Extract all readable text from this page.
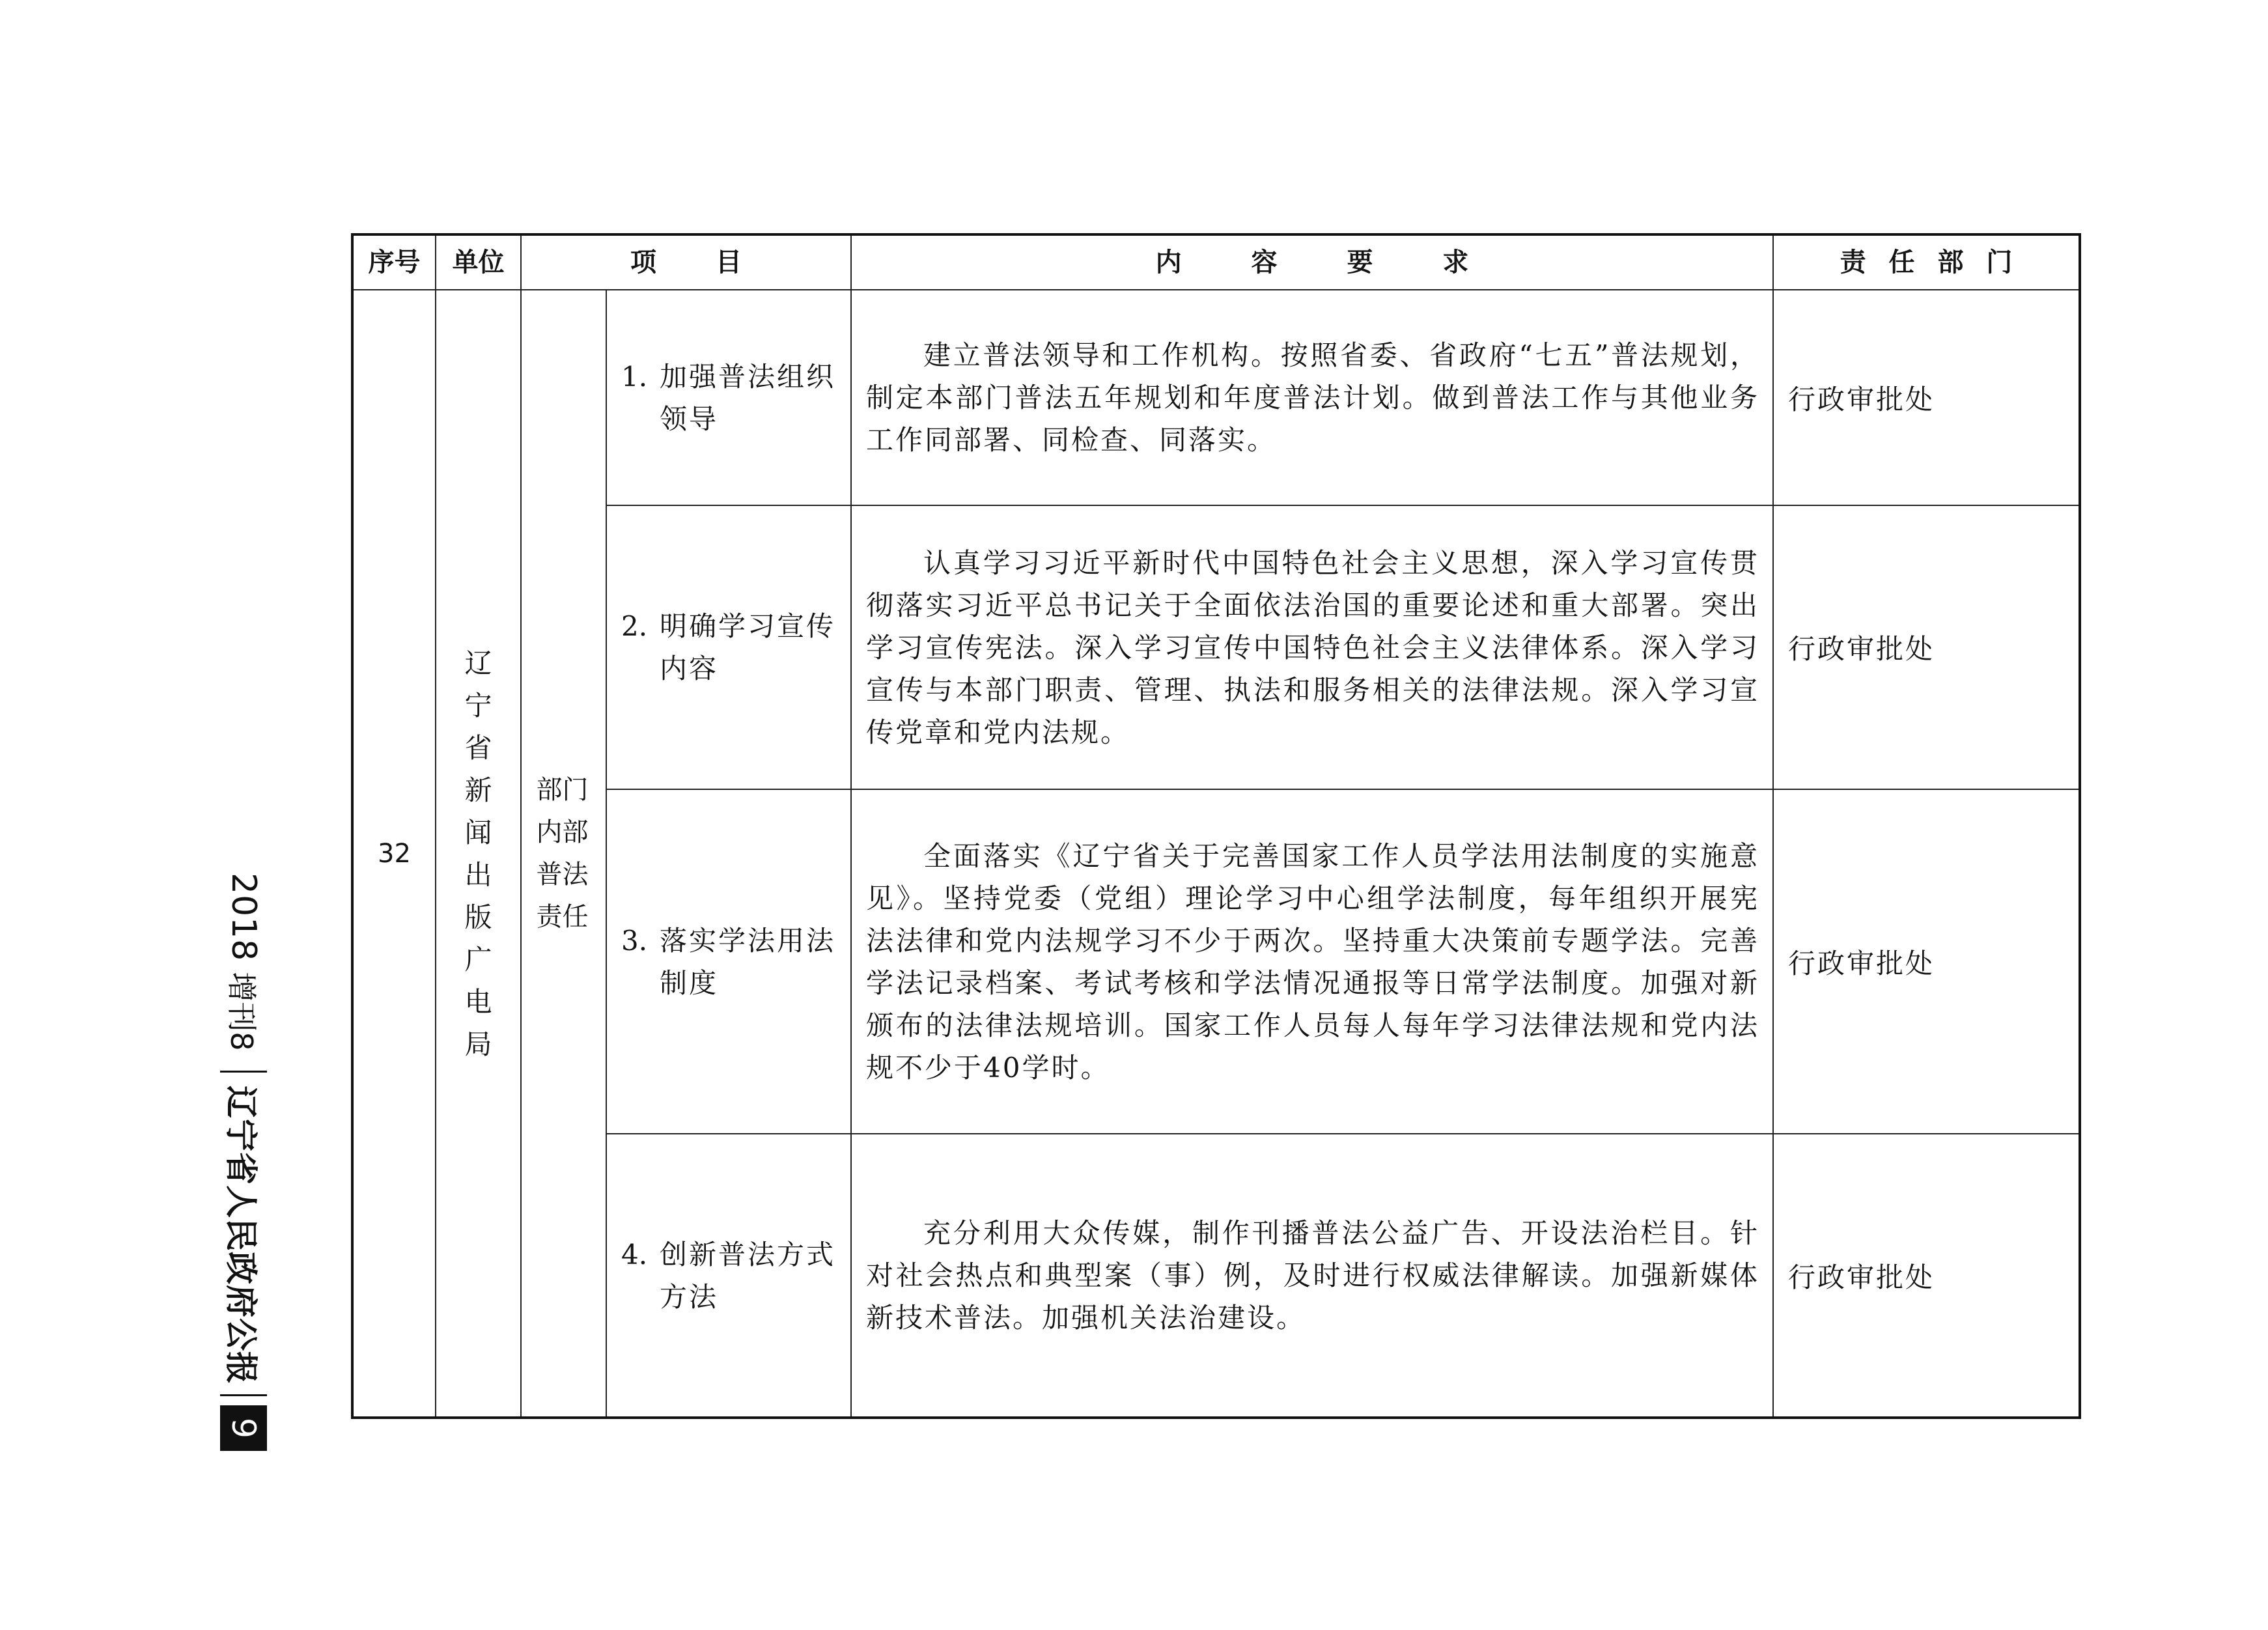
2018
增刊8
辽宁省人民政府公报
9
序号	单位	项 目		内 容 要 求	责 任 部 门
32	辽宁省新闻出版广电局	部门内部普法责任	1. 加强普法组织领导	建立普法领导和工作机构。按照省委、省政府“七五”普法规划，制定本部门普法五年规划和年度普法计划。做到普法工作与其他业务工作同部署、同检查、同落实。	行政审批处

			2. 明确学习宣传内容	认真学习习近平新时代中国特色社会主义思想，深入学习宣传贯彻落实习近平总书记关于全面依法治国的重要论述和重大部署。突出学习宣传宪法。深入学习宣传中国特色社会主义法律体系。深入学习宣传与本部门职责、管理、执法和服务相关的法律法规。深入学习宣传党章和党内法规。	行政审批处

			3. 落实学法用法制度	全面落实《辽宁省关于完善国家工作人员学法用法制度的实施意见》。坚持党委（党组）理论学习中心组学法制度，每年组织开展宪法法律和党内法规学习不少于两次。坚持重大决策前专题学法。完善学法记录档案、考试考核和学法情况通报等日常学法制度。加强对新颁布的法律法规培训。国家工作人员每人每年学习法律法规和党内法规不少于40学时。	行政审批处

			4. 创新普法方式方法	充分利用大众传媒，制作刊播普法公益广告、开设法治栏目。针对社会热点和典型案（事）例，及时进行权威法律解读。加强新媒体新技术普法。加强机关法治建设。	行政审批处
